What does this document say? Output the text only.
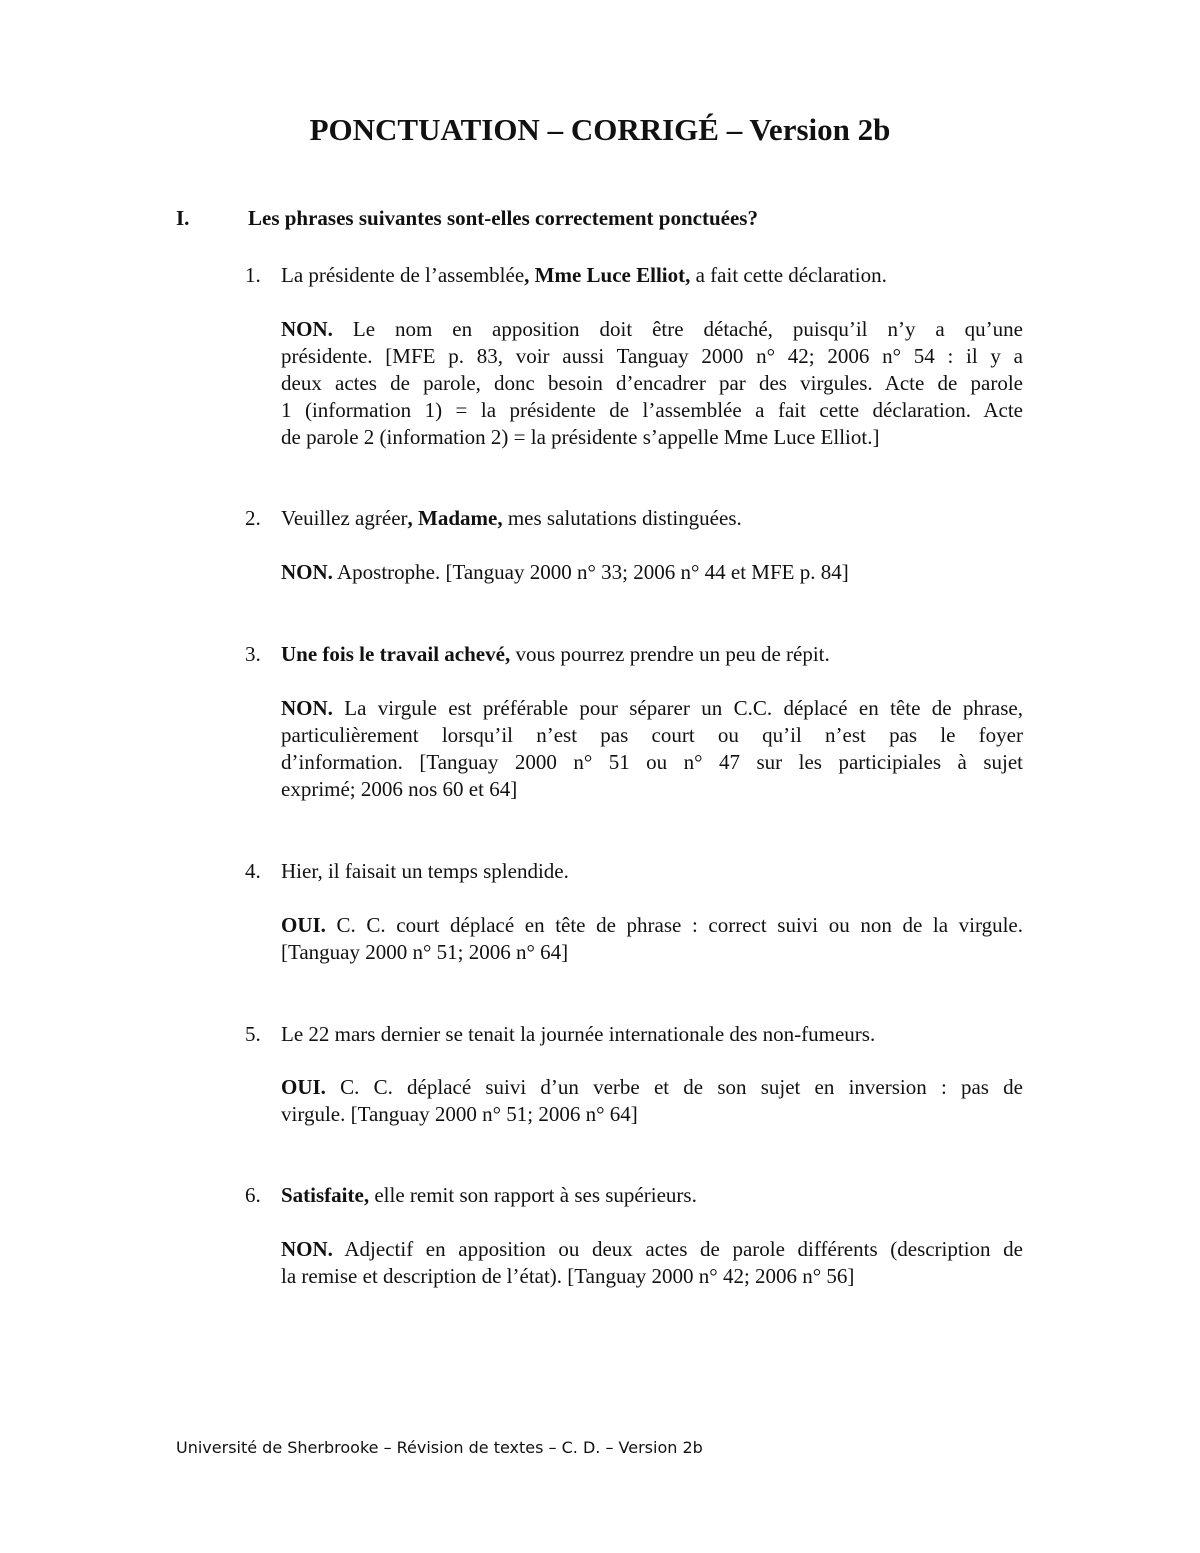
PONCTUATION – CORRIGÉ – Version 2b
I.	Les phrases suivantes sont-elles correctement ponctuées?
1. La présidente de l’assemblée, Mme Luce Elliot, a fait cette déclaration.
NON. Le nom en apposition doit être détaché, puisqu’il n’y a qu’une
présidente. [MFE p. 83, voir aussi Tanguay 2000 n° 42; 2006 n° 54 : il y a
deux actes de parole, donc besoin d’encadrer par des virgules. Acte de parole
1 (information 1) = la présidente de l’assemblée a fait cette déclaration. Acte
de parole 2 (information 2) = la présidente s’appelle Mme Luce Elliot.]
2. Veuillez agréer, Madame, mes salutations distinguées.
NON. Apostrophe. [Tanguay 2000 n° 33; 2006 n° 44 et MFE p. 84]
3. Une fois le travail achevé, vous pourrez prendre un peu de répit.
NON. La virgule est préférable pour séparer un C.C. déplacé en tête de phrase,
particulièrement lorsqu’il n’est pas court ou qu’il n’est pas le foyer
d’information. [Tanguay 2000 n° 51 ou n° 47 sur les participiales à sujet
exprimé; 2006 nos 60 et 64]
4. Hier, il faisait un temps splendide.
OUI. C. C. court déplacé en tête de phrase : correct suivi ou non de la virgule.
[Tanguay 2000 n° 51; 2006 n° 64]
5. Le 22 mars dernier se tenait la journée internationale des non-fumeurs.
OUI. C. C. déplacé suivi d’un verbe et de son sujet en inversion : pas de
virgule. [Tanguay 2000 n° 51; 2006 n° 64]
6. Satisfaite, elle remit son rapport à ses supérieurs.
NON. Adjectif en apposition ou deux actes de parole différents (description de
la remise et description de l’état). [Tanguay 2000 n° 42; 2006 n° 56]
Université de Sherbrooke – Révision de textes – C. D. – Version 2b
